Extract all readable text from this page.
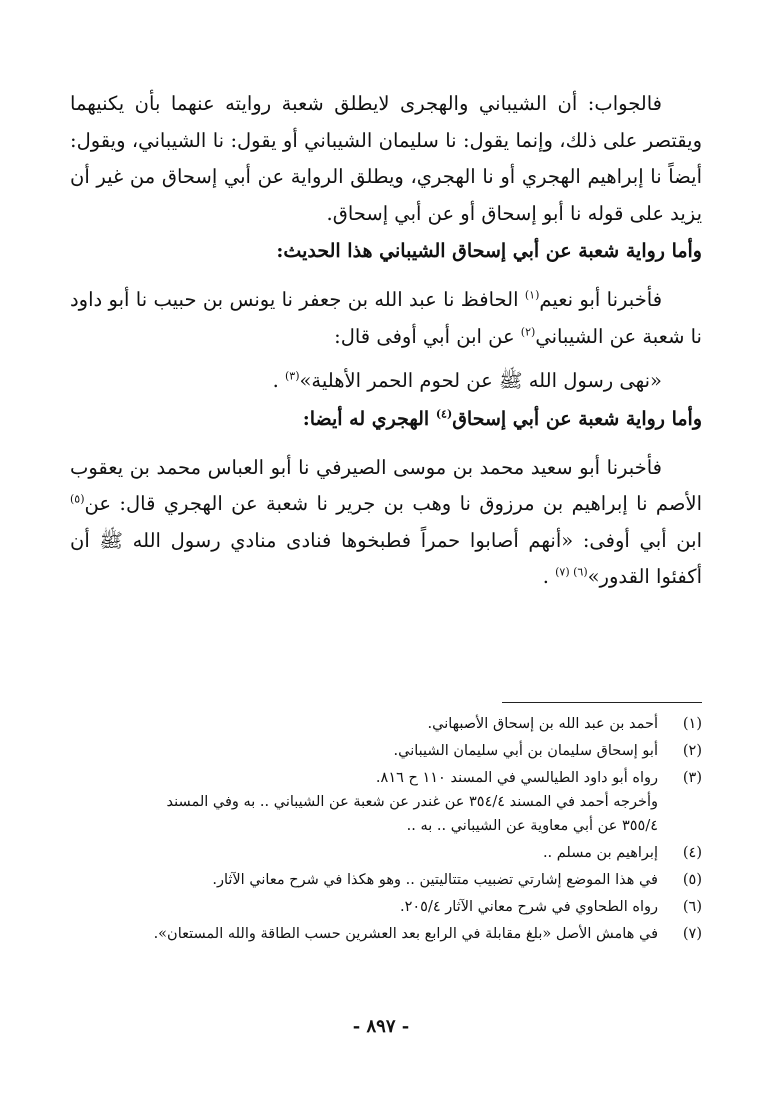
فالجواب: أن الشيباني والهجرى لايطلق شعبة روايته عنهما بأن يكنيهما ويقتصر على ذلك، وإنما يقول: نا سليمان الشيباني أو يقول: نا الشيباني، ويقول: أيضاً نا إبراهيم الهجري أو نا الهجري، ويطلق الرواية عن أبي إسحاق من غير أن يزيد على قوله نا أبو إسحاق أو عن أبي إسحاق.

وأما رواية شعبة عن أبي إسحاق الشيباني هذا الحديث:

فأخبرنا أبو نعيم$^{(١)}$ الحافظ نا عبد الله بن جعفر نا يونس بن حبيب نا أبو داود نا شعبة عن الشيباني$^{(٢)}$ عن ابن أبي أوفى قال:

«نهى رسول الله ﷺ عن لحوم الحمر الأهلية»$^{(٣)}$ .

وأما رواية شعبة عن أبي إسحاق$^{(٤)}$ الهجري له أيضا:

فأخبرنا أبو سعيد محمد بن موسى الصيرفي نا أبو العباس محمد بن يعقوب الأصم نا إبراهيم بن مرزوق نا وهب بن جرير نا شعبة عن الهجري قال: عن$^{(٥)}$ ابن أبي أوفى: «أنهم أصابوا حمراً فطبخوها فنادى منادي رسول الله ﷺ أن أكفئوا القدور»$^{(٦) (٧)}$ .

(١)
أحمد بن عبد الله بن إسحاق الأصبهاني.
(٢)
أبو إسحاق سليمان بن أبي سليمان الشيباني.
(٣)
رواه أبو داود الطيالسي في المسند ١١٠ ح ٨١٦.
وأخرجه أحمد في المسند ٣٥٤/٤ عن غندر عن شعبة عن الشيباني .. به وفي المسند
٣٥٥/٤ عن أبي معاوية عن الشيباني .. به ..
(٤)
إبراهيم بن مسلم ..
(٥)
في هذا الموضع إشارتي تضبيب متتاليتين .. وهو هكذا في شرح معاني الآثار.
(٦)
رواه الطحاوي في شرح معاني الآثار ٢٠٥/٤.
(٧)
في هامش الأصل «بلغ مقابلة في الرابع بعد العشرين حسب الطاقة والله المستعان».
- ٨٩٧ -
